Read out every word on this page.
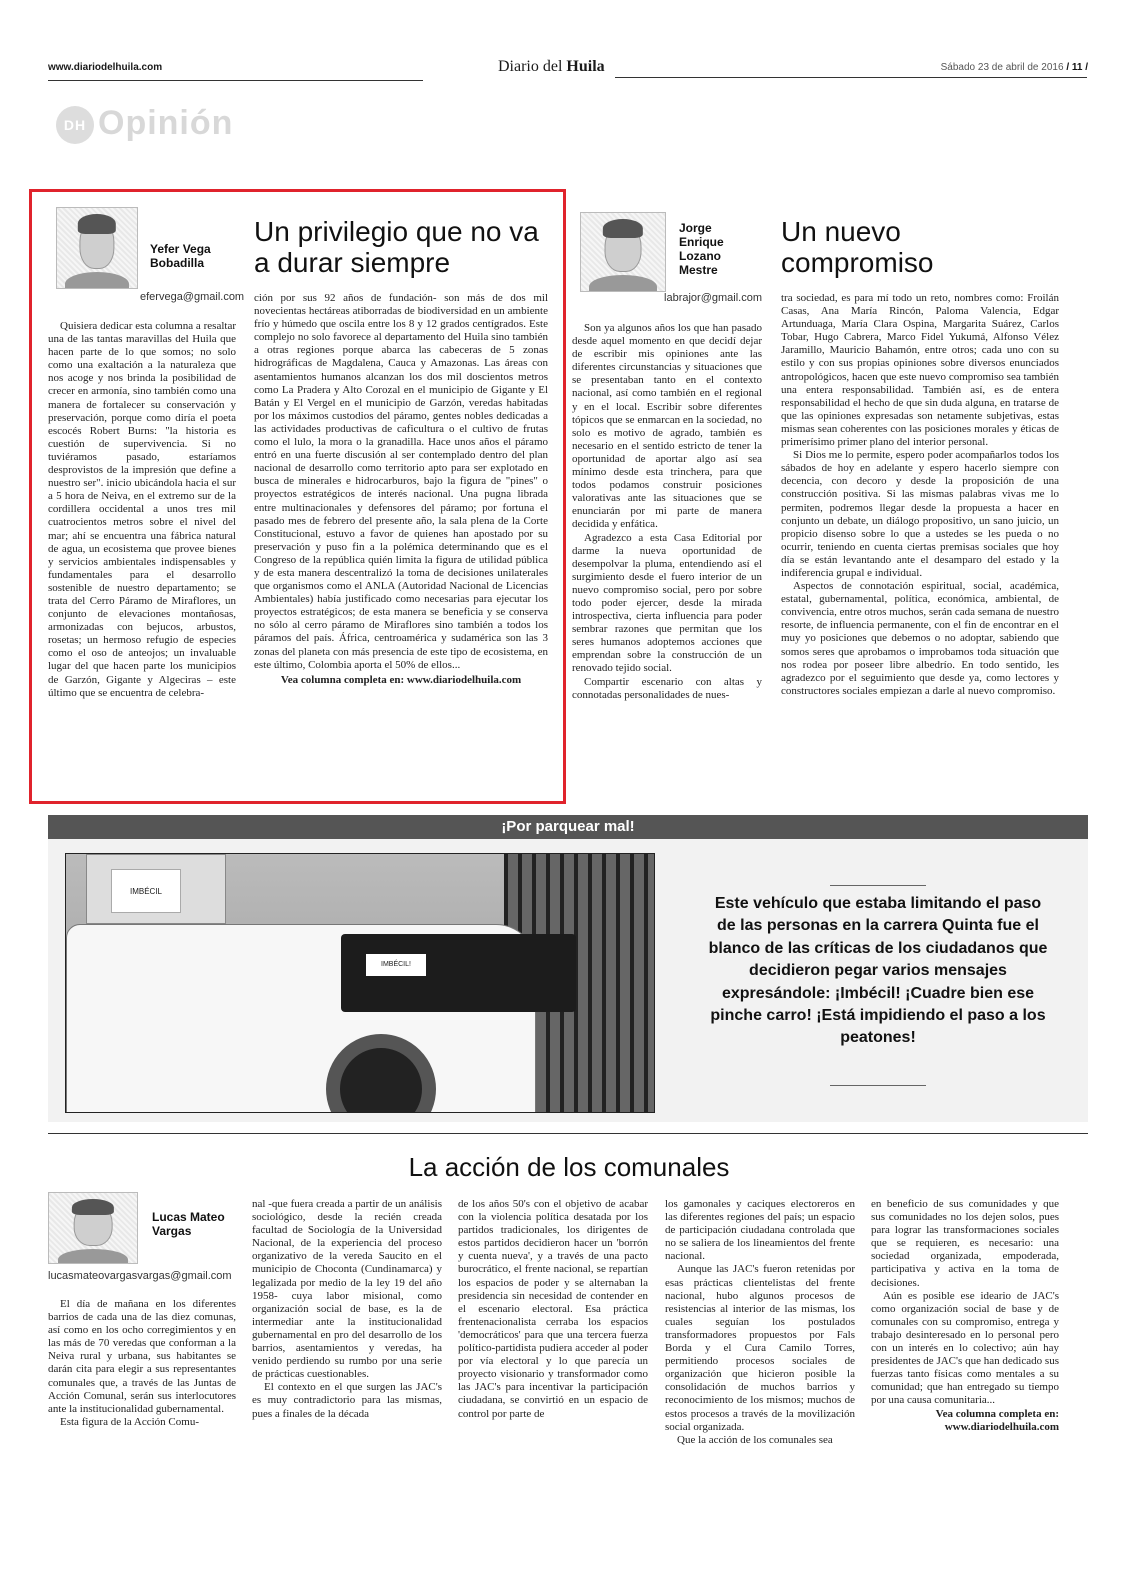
www.diariodelhuila.com	Diario del Huila	Sábado 23 de abril de 2016 / 11 /
DH Opinión
Yefer Vega Bobadilla
efervega@gmail.com
Un privilegio que no va a durar siempre

Quisiera dedicar esta columna a resaltar una de las tantas maravillas del Huila que hacen parte de lo que somos; no solo como una exaltación a la naturaleza que nos acoge y nos brinda la posibilidad de crecer en armonía, sino también como una manera de fortalecer su conservación y preservación, porque como diría el poeta escocés Robert Burns: "la historia es cuestión de supervivencia. Si no tuviéramos pasado, estaríamos desprovistos de la impresión que define a nuestro ser". inicio ubicándola hacia el sur a 5 hora de Neiva, en el extremo sur de la cordillera occidental a unos tres mil cuatrocientos metros sobre el nivel del mar; ahí se encuentra una fábrica natural de agua, un ecosistema que provee bienes y servicios ambientales indispensables y fundamentales para el desarrollo sostenible de nuestro departamento; se trata del Cerro Páramo de Miraflores, un conjunto de elevaciones montañosas, armonizadas con bejucos, arbustos, rosetas; un hermoso refugio de especies como el oso de anteojos; un invaluable lugar del que hacen parte los municipios de Garzón, Gigante y Algeciras – este último que se encuentra de celebra-

ción por sus 92 años de fundación- son más de dos mil novecientas hectáreas atiborradas de biodiversidad en un ambiente frío y húmedo que oscila entre los 8 y 12 grados centígrados. Este complejo no solo favorece al departamento del Huila sino también a otras regiones porque abarca las cabeceras de 5 zonas hidrográficas de Magdalena, Cauca y Amazonas. Las áreas con asentamientos humanos alcanzan los dos mil doscientos metros como La Pradera y Alto Corozal en el municipio de Gigante y El Batán y El Vergel en el municipio de Garzón, veredas habitadas por los máximos custodios del páramo, gentes nobles dedicadas a las actividades productivas de caficultura o el cultivo de frutas como el lulo, la mora o la granadilla. Hace unos años el páramo entró en una fuerte discusión al ser contemplado dentro del plan nacional de desarrollo como territorio apto para ser explotado en busca de minerales e hidrocarburos, bajo la figura de "pines" o proyectos estratégicos de interés nacional. Una pugna librada entre multinacionales y defensores del páramo; por fortuna el pasado mes de febrero del presente año, la sala plena de la Corte Constitucional, estuvo a favor de quienes han apostado por su preservación y puso fin a la polémica determinando que es el Congreso de la república quién limita la figura de utilidad pública y de esta manera descentralizó la toma de decisiones unilaterales que organismos como el ANLA (Autoridad Nacional de Licencias Ambientales) había justificado como necesarias para ejecutar los proyectos estratégicos; de esta manera se beneficia y se conserva no sólo al cerro páramo de Miraflores sino también a todos los páramos del país. África, centroamérica y sudamérica son las 3 zonas del planeta con más presencia de este tipo de ecosistema, en este último, Colombia aporta el 50% de ellos...

Vea columna completa en: www.diariodelhuila.com

Jorge Enrique Lozano Mestre
labrajor@gmail.com
Un nuevo compromiso

Son ya algunos años los que han pasado desde aquel momento en que decidí dejar de escribir mis opiniones ante las diferentes circunstancias y situaciones que se presentaban tanto en el contexto nacional, así como también en el regional y en el local. Escribir sobre diferentes tópicos que se enmarcan en la sociedad, no solo es motivo de agrado, también es necesario en el sentido estricto de tener la oportunidad de aportar algo así sea mínimo desde esta trinchera, para que todos podamos construir posiciones valorativas ante las situaciones que se enunciarán por mi parte de manera decidida y enfática.

Agradezco a esta Casa Editorial por darme la nueva oportunidad de desempolvar la pluma, entendiendo así el surgimiento desde el fuero interior de un nuevo compromiso social, pero por sobre todo poder ejercer, desde la mirada introspectiva, cierta influencia para poder sembrar razones que permitan que los seres humanos adoptemos acciones que emprendan sobre la construcción de un renovado tejido social.

Compartir escenario con altas y connotadas personalidades de nues-

tra sociedad, es para mí todo un reto, nombres como: Froilán Casas, Ana María Rincón, Paloma Valencia, Edgar Artunduaga, María Clara Ospina, Margarita Suárez, Carlos Tobar, Hugo Cabrera, Marco Fidel Yukumá, Alfonso Vélez Jaramillo, Mauricio Bahamón, entre otros; cada uno con su estilo y con sus propias opiniones sobre diversos enunciados antropológicos, hacen que este nuevo compromiso sea también una entera responsabilidad. También así, es de entera responsabilidad el hecho de que sin duda alguna, en tratarse de que las opiniones expresadas son netamente subjetivas, estas mismas sean coherentes con las posiciones morales y éticas de primerísimo primer plano del interior personal.

Si Dios me lo permite, espero poder acompañarlos todos los sábados de hoy en adelante y espero hacerlo siempre con decencia, con decoro y desde la proposición de una construcción positiva. Si las mismas palabras vivas me lo permiten, podremos llegar desde la propuesta a hacer en conjunto un debate, un diálogo propositivo, un sano juicio, un propicio disenso sobre lo que a ustedes se les pueda o no ocurrir, teniendo en cuenta ciertas premisas sociales que hoy día se están levantando ante el desamparo del estado y la indiferencia grupal e individual.

Aspectos de connotación espiritual, social, académica, estatal, gubernamental, política, económica, ambiental, de convivencia, entre otros muchos, serán cada semana de nuestro resorte, de influencia permanente, con el fin de encontrar en el muy yo posiciones que debemos o no adoptar, sabiendo que somos seres que aprobamos o improbamos toda situación que nos rodea por poseer libre albedrío. En todo sentido, les agradezco por el seguimiento que desde ya, como lectores y constructores sociales empiezan a darle al nuevo compromiso.

¡Por parquear mal!
IMBÉCIL
IMBÉCIL!
Este vehículo que estaba limitando el paso de las personas en la carrera Quinta fue el blanco de las críticas de los ciudadanos que decidieron pegar varios mensajes expresándole: ¡Imbécil! ¡Cuadre bien ese pinche carro! ¡Está impidiendo el paso a los peatones!
La acción de los comunales
Lucas Mateo Vargas
lucasmateovargasvargas@gmail.com

El día de mañana en los diferentes barrios de cada una de las diez comunas, así como en los ocho corregimientos y en las más de 70 veredas que conforman a la Neiva rural y urbana, sus habitantes se darán cita para elegir a sus representantes comunales que, a través de las Juntas de Acción Comunal, serán sus interlocutores ante la institucionalidad gubernamental.

Esta figura de la Acción Comu-

nal -que fuera creada a partir de un análisis sociológico, desde la recién creada facultad de Sociología de la Universidad Nacional, de la experiencia del proceso organizativo de la vereda Saucito en el municipio de Choconta (Cundinamarca) y legalizada por medio de la ley 19 del año 1958- cuya labor misional, como organización social de base, es la de intermediar ante la institucionalidad gubernamental en pro del desarrollo de los barrios, asentamientos y veredas, ha venido perdiendo su rumbo por una serie de prácticas cuestionables.

El contexto en el que surgen las JAC's es muy contradictorio para las mismas, pues a finales de la década

de los años 50's con el objetivo de acabar con la violencia política desatada por los partidos tradicionales, los dirigentes de estos partidos decidieron hacer un 'borrón y cuenta nueva', y a través de una pacto burocrático, el frente nacional, se repartían los espacios de poder y se alternaban la presidencia sin necesidad de contender en el escenario electoral. Esa práctica frentenacionalista cerraba los espacios 'democráticos' para que una tercera fuerza político-partidista pudiera acceder al poder por vía electoral y lo que parecía un proyecto visionario y transformador como las JAC's para incentivar la participación ciudadana, se convirtió en un espacio de control por parte de

los gamonales y caciques electoreros en las diferentes regiones del país; un espacio de participación ciudadana controlada que no se saliera de los lineamientos del frente nacional.

Aunque las JAC's fueron retenidas por esas prácticas clientelistas del frente nacional, hubo algunos procesos de resistencias al interior de las mismas, los cuales seguían los postulados transformadores propuestos por Fals Borda y el Cura Camilo Torres, permitiendo procesos sociales de organización que hicieron posible la consolidación de muchos barrios y reconocimiento de los mismos; muchos de estos procesos a través de la movilización social organizada.

Que la acción de los comunales sea

en beneficio de sus comunidades y que sus comunidades no los dejen solos, pues para lograr las transformaciones sociales que se requieren, es necesario: una sociedad organizada, empoderada, participativa y activa en la toma de decisiones.

Aún es posible ese ideario de JAC's como organización social de base y de comunales con su compromiso, entrega y trabajo desinteresado en lo personal pero con un interés en lo colectivo; aún hay presidentes de JAC's que han dedicado sus fuerzas tanto físicas como mentales a su comunidad; que han entregado su tiempo por una causa comunitaria...

Vea columna completa en:

www.diariodelhuila.com
